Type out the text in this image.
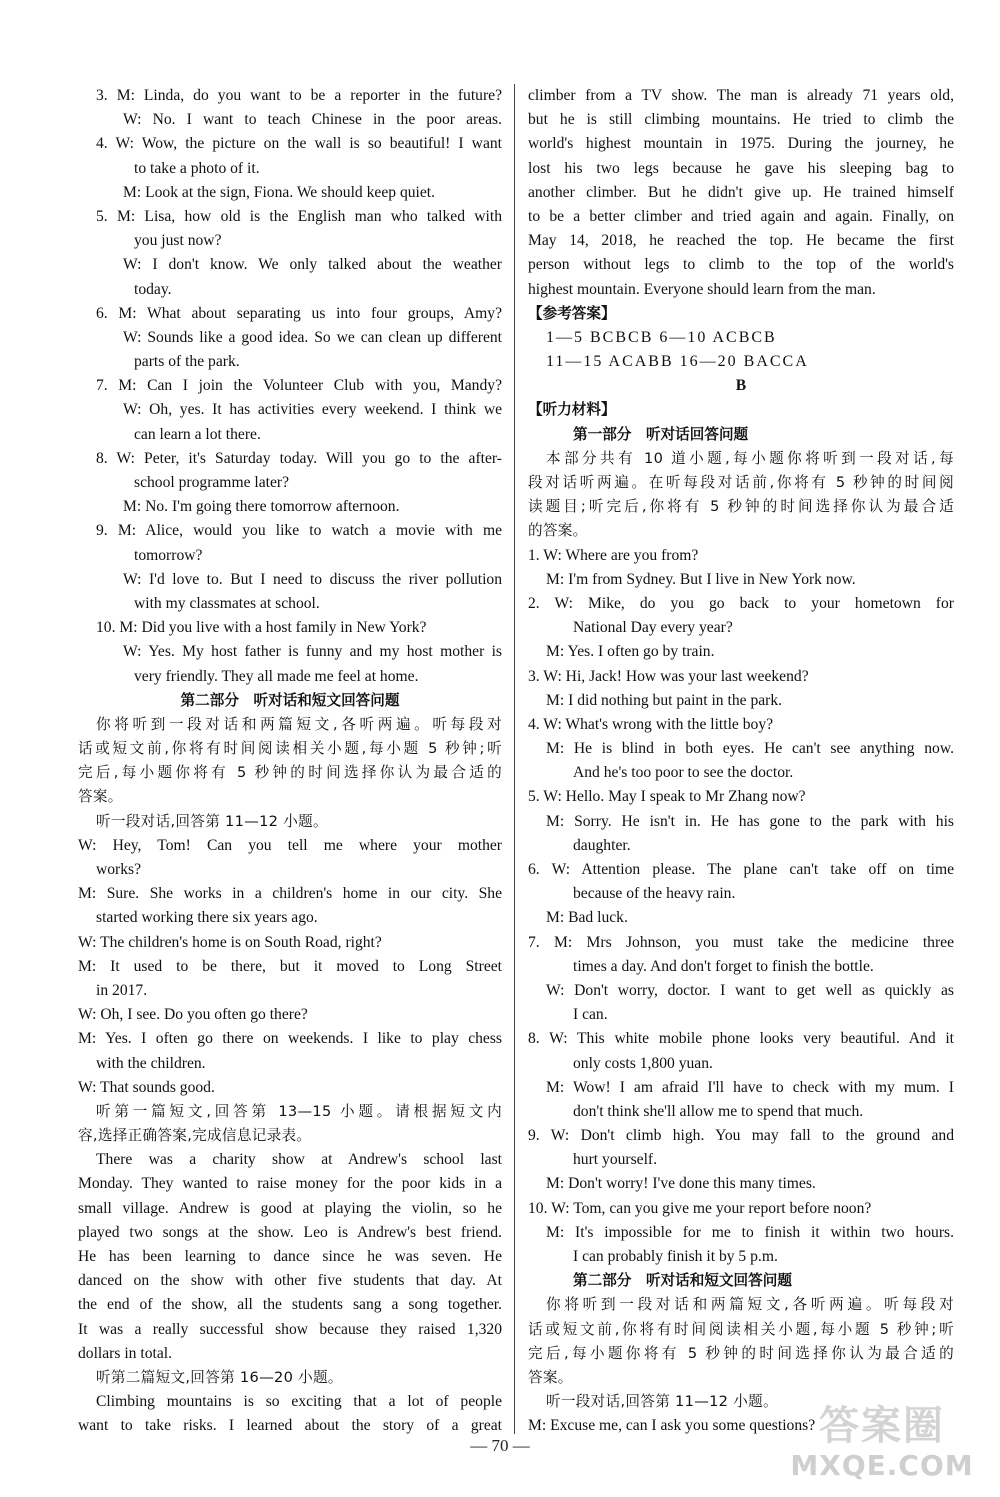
3. M: Linda, do you want to be a reporter in the future?
W: No. I want to teach Chinese in the poor areas.
4. W: Wow, the picture on the wall is so beautiful! I want
to take a photo of it.
M: Look at the sign, Fiona. We should keep quiet.
5. M: Lisa, how old is the English man who talked with
you just now?
W: I don't know. We only talked about the weather
today.
6. M: What about separating us into four groups, Amy?
W: Sounds like a good idea. So we can clean up different
parts of the park.
7. M: Can I join the Volunteer Club with you, Mandy?
W: Oh, yes. It has activities every weekend. I think we
can learn a lot there.
8. W: Peter, it's Saturday today. Will you go to the after-
school programme later?
M: No. I'm going there tomorrow afternoon.
9. M: Alice, would you like to watch a movie with me
tomorrow?
W: I'd love to. But I need to discuss the river pollution
with my classmates at school.
10. M: Did you live with a host family in New York?
W: Yes. My host father is funny and my host mother is
very friendly. They all made me feel at home.
第二部分　听对话和短文回答问题
你将听到一段对话和两篇短文,各听两遍。听每段对
话或短文前,你将有时间阅读相关小题,每小题 5 秒钟;听
完后,每小题你将有 5 秒钟的时间选择你认为最合适的
答案。
听一段对话,回答第 11—12 小题。
W: Hey, Tom! Can you tell me where your mother
works?
M: Sure. She works in a children's home in our city. She
started working there six years ago.
W: The children's home is on South Road, right?
M: It used to be there, but it moved to Long Street
in 2017.
W: Oh, I see. Do you often go there?
M: Yes. I often go there on weekends. I like to play chess
with the children.
W: That sounds good.
听第一篇短文,回答第 13—15 小题。请根据短文内
容,选择正确答案,完成信息记录表。
There was a charity show at Andrew's school last
Monday. They wanted to raise money for the poor kids in a
small village. Andrew is good at playing the violin, so he
played two songs at the show. Leo is Andrew's best friend.
He has been learning to dance since he was seven. He
danced on the show with other five students that day. At
the end of the show, all the students sang a song together.
It was a really successful show because they raised 1,320
dollars in total.
听第二篇短文,回答第 16—20 小题。
Climbing mountains is so exciting that a lot of people
want to take risks. I learned about the story of a great
climber from a TV show. The man is already 71 years old,
but he is still climbing mountains. He tried to climb the
world's highest mountain in 1975. During the journey, he
lost his two legs because he gave his sleeping bag to
another climber. But he didn't give up. He trained himself
to be a better climber and tried again and again. Finally, on
May 14, 2018, he reached the top. He became the first
person without legs to climb to the top of the world's
highest mountain. Everyone should learn from the man.
【参考答案】
1—5 BCBCB 6—10 ACBCB
11—15 ACABB 16—20 BACCA
B
【听力材料】
第一部分　听对话回答问题
本部分共有 10 道小题,每小题你将听到一段对话,每
段对话听两遍。在听每段对话前,你将有 5 秒钟的时间阅
读题目;听完后,你将有 5 秒钟的时间选择你认为最合适
的答案。
1. W: Where are you from?
M: I'm from Sydney. But I live in New York now.
2. W: Mike, do you go back to your hometown for
National Day every year?
M: Yes. I often go by train.
3. W: Hi, Jack! How was your last weekend?
M: I did nothing but paint in the park.
4. W: What's wrong with the little boy?
M: He is blind in both eyes. He can't see anything now.
And he's too poor to see the doctor.
5. W: Hello. May I speak to Mr Zhang now?
M: Sorry. He isn't in. He has gone to the park with his
daughter.
6. W: Attention please. The plane can't take off on time
because of the heavy rain.
M: Bad luck.
7. M: Mrs Johnson, you must take the medicine three
times a day. And don't forget to finish the bottle.
W: Don't worry, doctor. I want to get well as quickly as
I can.
8. W: This white mobile phone looks very beautiful. And it
only costs 1,800 yuan.
M: Wow! I am afraid I'll have to check with my mum. I
don't think she'll allow me to spend that much.
9. W: Don't climb high. You may fall to the ground and
hurt yourself.
M: Don't worry! I've done this many times.
10. W: Tom, can you give me your report before noon?
M: It's impossible for me to finish it within two hours.
I can probably finish it by 5 p.m.
第二部分　听对话和短文回答问题
你将听到一段对话和两篇短文,各听两遍。听每段对
话或短文前,你将有时间阅读相关小题,每小题 5 秒钟;听
完后,每小题你将有 5 秒钟的时间选择你认为最合适的
答案。
听一段对话,回答第 11—12 小题。
M: Excuse me, can I ask you some questions?
— 70 —	答案圈
MXQE.COM
